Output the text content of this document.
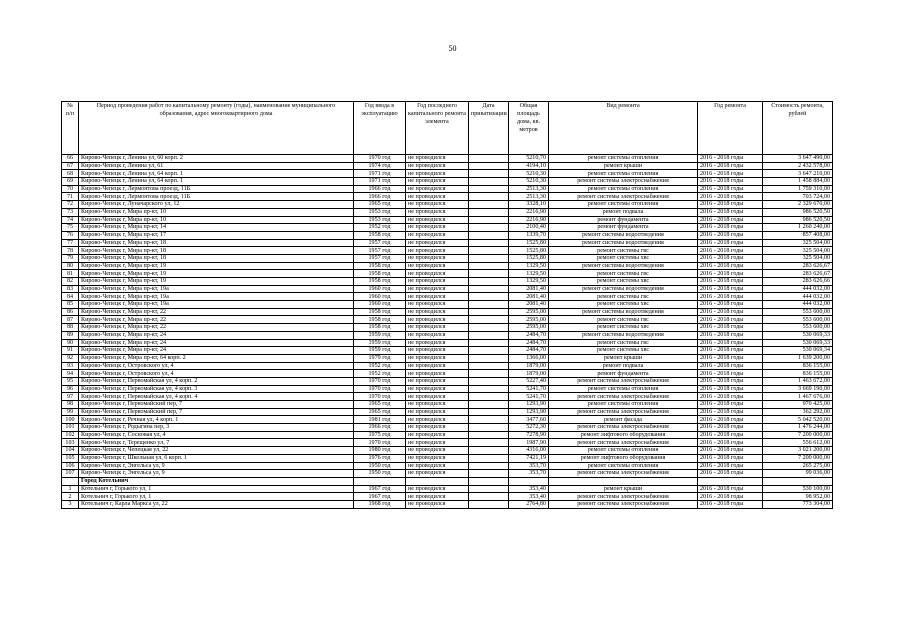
50
№ п/п	Период проведения работ по капитальному ремонту (годы), наименование муниципального образования, адрес многоквартирного дома	Год ввода в эксплуатацию	Год последнего капитального ремонта элемента	Дата приватизации	Общая площадь дома, кв. метров	Вид ремонта	Год ремонта	Стоимость ремонта, рублей
66	Кирово-Чепецк г, Ленина ул, 60 корп. 2	1970 год	не проводился		5210,70	ремонт системы отопления	2016 - 2018 годы	3 647 490,00
67	Кирово-Чепецк г, Ленина ул, 61	1974 год	не проводился		4194,10	ремонт крыши	2016 - 2018 годы	2 432 578,00
68	Кирово-Чепецк г, Ленина ул, 64 корп. 1	1971 год	не проводился		5210,30	ремонт системы отопления	2016 - 2018 годы	3 647 210,00
69	Кирово-Чепецк г, Ленина ул, 64 корп. 1	1971 год	не проводился		5210,30	ремонт системы электроснабжения	2016 - 2018 годы	1 458 884,00
70	Кирово-Чепецк г, Лермонтова проезд, 11Б	1966 год	не проводился		2513,30	ремонт системы отопления	2016 - 2018 годы	1 759 310,00
71	Кирово-Чепецк г, Лермонтова проезд, 11Б	1966 год	не проводился		2513,30	ремонт системы электроснабжения	2016 - 2018 годы	703 724,00
72	Кирово-Чепецк г, Луначарского ул, 12	1965 год	не проводился		3328,10	ремонт системы отопления	2016 - 2018 годы	2 329 670,00
73	Кирово-Чепецк г, Мира пр-кт, 10	1953 год	не проводился		2216,90	ремонт подвала	2016 - 2018 годы	986 520,50
74	Кирово-Чепецк г, Мира пр-кт, 10	1953 год	не проводился		2216,90	ремонт фундамента	2016 - 2018 годы	986 520,50
75	Кирово-Чепецк г, Мира пр-кт, 14	1952 год	не проводился		2100,40	ремонт фундамента	2016 - 2018 годы	1 260 240,00
76	Кирово-Чепецк г, Мира пр-кт, 17	1958 год	не проводился		1339,70	ремонт системы водоотведения	2016 - 2018 годы	857 408,00
77	Кирово-Чепецк г, Мира пр-кт, 18	1957 год	не проводился		1525,80	ремонт системы водоотведения	2016 - 2018 годы	325 504,00
78	Кирово-Чепецк г, Мира пр-кт, 18	1957 год	не проводился		1525,80	ремонт системы гвс	2016 - 2018 годы	325 504,00
79	Кирово-Чепецк г, Мира пр-кт, 18	1957 год	не проводился		1525,80	ремонт системы хвс	2016 - 2018 годы	325 504,00
80	Кирово-Чепецк г, Мира пр-кт, 19	1958 год	не проводился		1329,50	ремонт системы водоотведения	2016 - 2018 годы	283 626,67
81	Кирово-Чепецк г, Мира пр-кт, 19	1958 год	не проводился		1329,50	ремонт системы гвс	2016 - 2018 годы	283 626,67
82	Кирово-Чепецк г, Мира пр-кт, 19	1958 год	не проводился		1329,50	ремонт системы хвс	2016 - 2018 годы	283 626,66
83	Кирово-Чепецк г, Мира пр-кт, 19а	1960 год	не проводился		2081,40	ремонт системы водоотведения	2016 - 2018 годы	444 032,00
84	Кирово-Чепецк г, Мира пр-кт, 19а	1960 год	не проводился		2081,40	ремонт системы гвс	2016 - 2018 годы	444 032,00
85	Кирово-Чепецк г, Мира пр-кт, 19а	1960 год	не проводился		2081,40	ремонт системы хвс	2016 - 2018 годы	444 032,00
86	Кирово-Чепецк г, Мира пр-кт, 22	1958 год	не проводился		2595,00	ремонт системы водоотведения	2016 - 2018 годы	553 600,00
87	Кирово-Чепецк г, Мира пр-кт, 22	1958 год	не проводился		2595,00	ремонт системы гвс	2016 - 2018 годы	553 600,00
88	Кирово-Чепецк г, Мира пр-кт, 22	1958 год	не проводился		2595,00	ремонт системы хвс	2016 - 2018 годы	553 600,00
89	Кирово-Чепецк г, Мира пр-кт, 24	1959 год	не проводился		2484,70	ремонт системы водоотведения	2016 - 2018 годы	530 069,33
90	Кирово-Чепецк г, Мира пр-кт, 24	1959 год	не проводился		2484,70	ремонт системы гвс	2016 - 2018 годы	530 069,33
91	Кирово-Чепецк г, Мира пр-кт, 24	1959 год	не проводился		2484,70	ремонт системы хвс	2016 - 2018 годы	530 069,34
92	Кирово-Чепецк г, Мира пр-кт, 64 корп. 2	1979 год	не проводился		1366,00	ремонт крыши	2016 - 2018 годы	1 639 200,00
93	Кирово-Чепецк г, Островского ул, 4	1952 год	не проводился		1879,00	ремонт подвала	2016 - 2018 годы	836 155,00
94	Кирово-Чепецк г, Островского ул, 4	1952 год	не проводился		1879,00	ремонт фундамента	2016 - 2018 годы	836 155,00
95	Кирово-Чепецк г, Первомайская ул, 4 корп. 2	1970 год	не проводился		5227,40	ремонт системы электроснабжения	2016 - 2018 годы	1 463 672,00
96	Кирово-Чепецк г, Первомайская ул, 4 корп. 3	1970 год	не проводился		5241,70	ремонт системы отопления	2016 - 2018 годы	3 669 190,00
97	Кирово-Чепецк г, Первомайская ул, 4 корп. 4	1970 год	не проводился		5241,70	ремонт системы электроснабжения	2016 - 2018 годы	1 467 676,00
98	Кирово-Чепецк г, Первомайский пер, 7	1965 год	не проводился		1293,90	ремонт системы отопления	2016 - 2018 годы	970 425,00
99	Кирово-Чепецк г, Первомайский пер, 7	1965 год	не проводился		1293,90	ремонт системы электроснабжения	2016 - 2018 годы	362 292,00
100	Кирово-Чепецк г, Речная ул, 4 корп. 1	1981 год	не проводился		3477,60	ремонт фасада	2016 - 2018 годы	5 042 520,00
101	Кирово-Чепецк г, Родыгина пер, 3	1966 год	не проводился		5272,30	ремонт системы электроснабжения	2016 - 2018 годы	1 476 244,00
102	Кирово-Чепецк г, Сосновая ул, 4	1975 год	не проводился		7278,90	ремонт лифтового оборудования	2016 - 2018 годы	7 200 000,00
103	Кирово-Чепецк г, Терещенко ул, 7	1970 год	не проводился		1987,90	ремонт системы электроснабжения	2016 - 2018 годы	556 612,00
104	Кирово-Чепецк г, Чепецкая ул, 22	1980 год	не проводился		4316,00	ремонт системы отопления	2016 - 2018 годы	3 021 200,00
105	Кирово-Чепецк г, Школьная ул, 6 корп. 1	1976 год	не проводился		7421,19	ремонт лифтового оборудования	2016 - 2018 годы	7 200 000,00
106	Кирово-Чепецк г, Энгельса ул, 9	1950 год	не проводился		353,70	ремонт системы отопления	2016 - 2018 годы	265 275,00
107	Кирово-Чепецк г, Энгельса ул, 9	1950 год	не проводился		353,70	ремонт системы электроснабжения	2016 - 2018 годы	99 036,00
	Город Котельнич							
1	Котельнич г, Горького ул, 1	1967 год	не проводился		353,40	ремонт крыши	2016 - 2018 годы	530 100,00
2	Котельнич г, Горького ул, 1	1967 год	не проводился		353,40	ремонт системы электроснабжения	2016 - 2018 годы	98 952,00
3	Котельнич г, Карла Маркса ул, 22	1968 год	не проводился		2764,80	ремонт системы электроснабжения	2016 - 2018 годы	773 304,00
